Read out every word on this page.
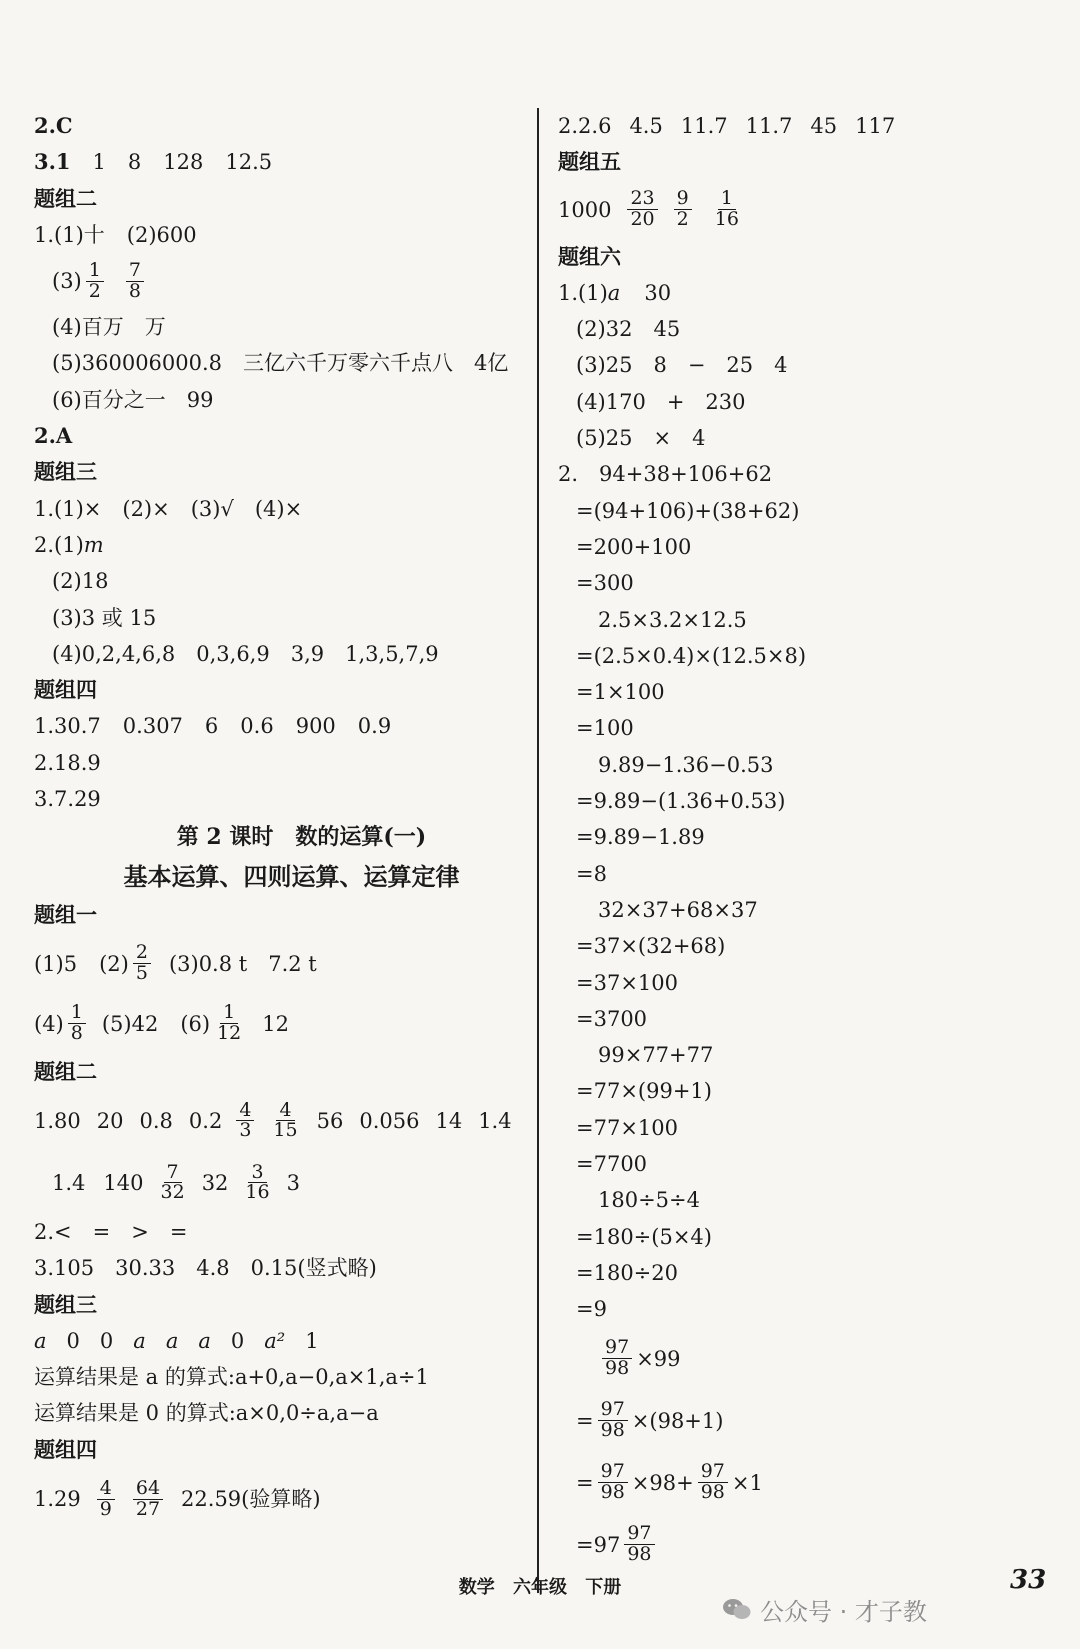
2.C
3.1 1 8 128 12.5
题组二
1.(1)十 (2)600
$(3) \frac{1}{2} \frac{7}{8}$
(4)百万　万
(5)360006000.8　三亿六千万零六千点八　4亿
(6)百分之一　99
2.A
题组三
1.(1)×　(2)×　(3)√　(4)×
2.(1)m
(2)18
(3)3 或 15
(4)0,2,4,6,8　0,3,6,9　3,9　1,3,5,7,9
题组四
1.30.7 0.307 6 0.6 900 0.9
2.18.9
3.7.29
第 2 课时　数的运算(一)
基本运算、四则运算、运算定律
题组一
(1)5 $(2) \frac{2}{5} (3)0.8$ t　7.2 t
$(4) \frac{1}{8} (5)42$ $(6) \frac{1}{12} 12$
题组二
1.80 20 0.8 $0.2 \frac{4}{3} \frac{4}{15} 56$ 0.056 14 1.4
1.4 $140 \frac{7}{32} 32 \frac{3}{16} 3$
2.<　=　>　=
3.105　30.33　4.8　0.15(竖式略)
题组三
a 0 0 a a a 0 a² 1
运算结果是 a 的算式:a+0,a−0,a×1,a÷1
运算结果是 0 的算式:a×0,0÷a,a−a
题组四
$1.29 \frac{4}{9} \frac{64}{27} 22.59$(验算略)
2.2.6 4.5 11.7 11.7 45 117
题组五
$1000 \frac{23}{20} \frac{9}{2} \frac{1}{16}$
题组六
1.(1)a 30
(2)32　45
(3)25　8　−　25　4
(4)170　+　230
(5)25　×　4
2.　94+38+106+62
=(94+106)+(38+62)
=200+100
=300
2.5×3.2×12.5
=(2.5×0.4)×(12.5×8)
=1×100
=100
9.89−1.36−0.53
=9.89−(1.36+0.53)
=9.89−1.89
=8
32×37+68×37
=37×(32+68)
=37×100
=3700
99×77+77
=77×(99+1)
=77×100
=7700
180÷5÷4
=180÷(5×4)
=180÷20
=9
$\frac{97}{98} \times 99$
= $\frac{97}{98} \times(98+1)$
= $\frac{97}{98} \times 98+ \frac{97}{98} \times 1$
$=97 \frac{97}{98}$
数学 六年级 下册	33
公众号 · 才子教
